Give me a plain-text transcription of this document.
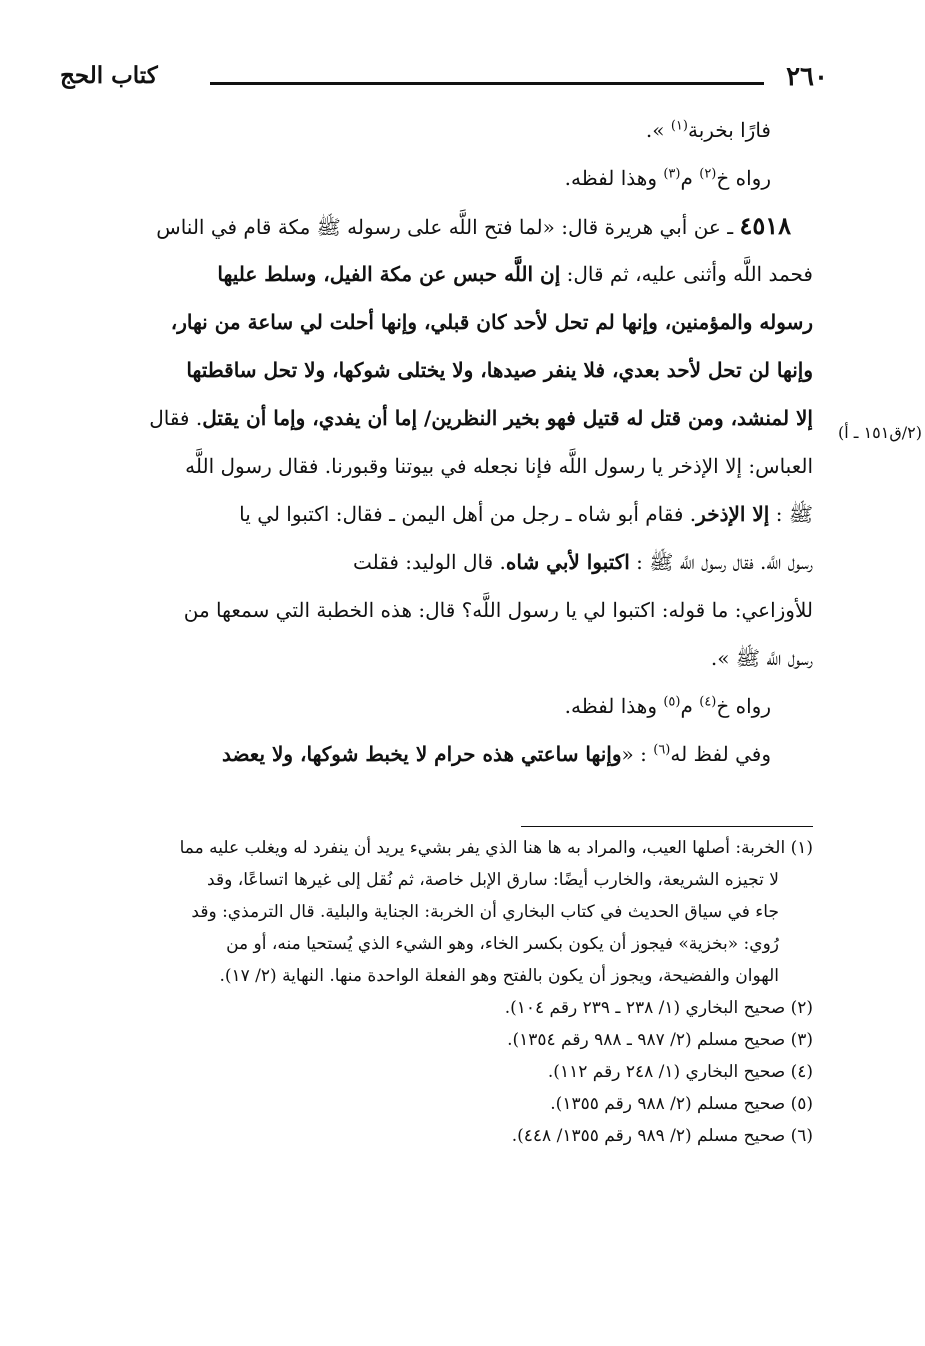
٢٦٠
كتاب الحج
(٢/ق١٥١ ـ أ)
فارًا بخربة$^{(١)}$ ».
رواه خ$^{(٢)}$ م$^{(٣)}$ وهذا لفظه.
٤٥١٨ ـ عن أبي هريرة قال: «لما فتح اللَّه على رسوله ﷺ مكة قام في الناس
فحمد اللَّه وأثنى عليه، ثم قال: إن اللَّه حبس عن مكة الفيل، وسلط عليها
رسوله والمؤمنين، وإنها لم تحل لأحد كان قبلي، وإنها أحلت لي ساعة من نهار،
وإنها لن تحل لأحد بعدي، فلا ينفر صيدها، ولا يختلى شوكها، ولا تحل ساقطتها
إلا لمنشد، ومن قتل له قتيل فهو بخير النظرين/ إما أن يفدي، وإما أن يقتل. فقال
العباس: إلا الإذخر يا رسول اللَّه فإنا نجعله في بيوتنا وقبورنا. فقال رسول اللَّه
ﷺ : إلا الإذخر. فقام أبو شاه ـ رجل من أهل اليمن ـ فقال: اكتبوا لي يا
رسول اللَّه. فقال رسول اللَّه ﷺ : اكتبوا لأبي شاه. قال الوليد: فقلت
للأوزاعي: ما قوله: اكتبوا لي يا رسول اللَّه؟ قال: هذه الخطبة التي سمعها من
رسول اللَّه ﷺ ».
رواه خ$^{(٤)}$ م$^{(٥)}$ وهذا لفظه.
وفي لفظ له$^{(٦)}$ : «وإنها ساعتي هذه حرام لا يخبط شوكها، ولا يعضد
(١) الخربة: أصلها العيب، والمراد به ها هنا الذي يفر بشيء يريد أن ينفرد له ويغلب عليه مما
لا تجيزه الشريعة، والخارب أيضًا: سارق الإبل خاصة، ثم نُقل إلى غيرها اتساعًا، وقد
جاء في سياق الحديث في كتاب البخاري أن الخربة: الجناية والبلية. قال الترمذي: وقد
رُوي: «بخزية» فيجوز أن يكون بكسر الخاء، وهو الشيء الذي يُستحيا منه، أو من
الهوان والفضيحة، ويجوز أن يكون بالفتح وهو الفعلة الواحدة منها. النهاية (٢/ ١٧).
(٢) صحيح البخاري (١/ ٢٣٨ ـ ٢٣٩ رقم ١٠٤).
(٣) صحيح مسلم (٢/ ٩٨٧ ـ ٩٨٨ رقم ١٣٥٤).
(٤) صحيح البخاري (١/ ٢٤٨ رقم ١١٢).
(٥) صحيح مسلم (٢/ ٩٨٨ رقم ١٣٥٥).
(٦) صحيح مسلم (٢/ ٩٨٩ رقم ١٣٥٥/ ٤٤٨).
